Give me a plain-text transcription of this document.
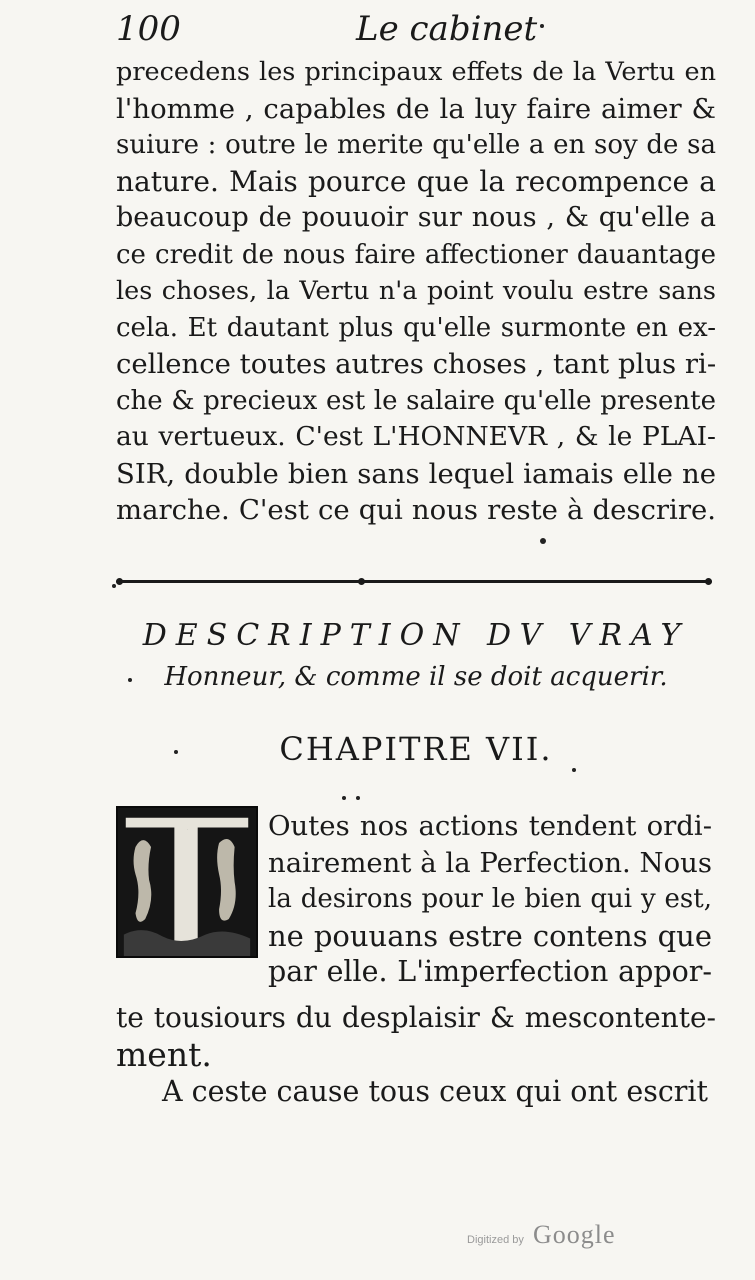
100	Le cabinet
precedens les principaux effets de la Vertu en
l'homme , capables de la luy faire aimer &
suiure : outre le merite qu'elle a en soy de sa
nature. Mais pource que la recompence a
beaucoup de pouuoir sur nous , & qu'elle a
ce credit de nous faire affectioner dauantage
les choses, la Vertu n'a point voulu estre sans
cela. Et dautant plus qu'elle surmonte en ex-
cellence toutes autres choses , tant plus ri-
che & precieux est le salaire qu'elle presente
au vertueux. C'est L'HONNEVR , & le PLAI-
SIR, double bien sans lequel iamais elle ne
marche. C'est ce qui nous reste à descrire.
DESCRIPTION DV VRAY
Honneur, & comme il se doit acquerir.
CHAPITRE VII.
T	Outes nos actions tendent ordi-
nairement à la Perfection. Nous
la desirons pour le bien qui y est,
ne pouuans estre contens que
par elle. L'imperfection appor-
te tousiours du desplaisir & mescontente-
ment.
A ceste cause tous ceux qui ont escrit
Digitized by Google
